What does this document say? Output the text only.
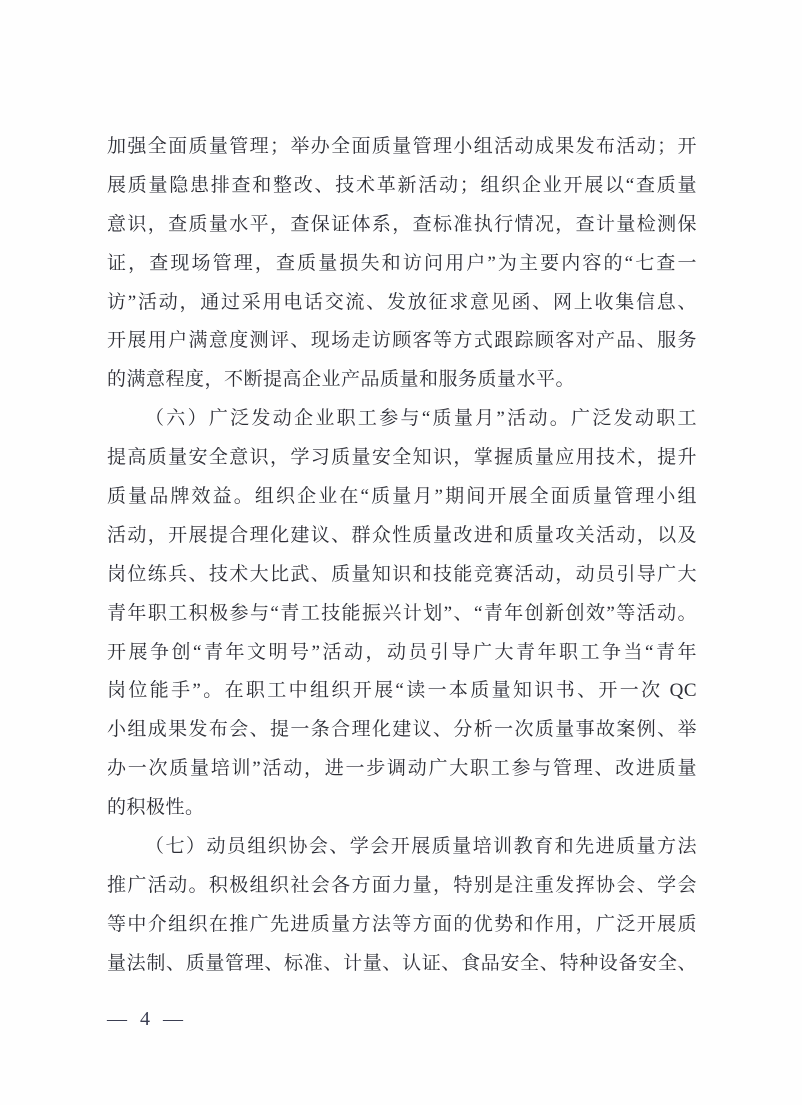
加强全面质量管理；举办全面质量管理小组活动成果发布活动；开
展质量隐患排查和整改、技术革新活动；组织企业开展以“查质量
意识，查质量水平，查保证体系，查标准执行情况，查计量检测保
证，查现场管理，查质量损失和访问用户”为主要内容的“七查一
访”活动，通过采用电话交流、发放征求意见函、网上收集信息、
开展用户满意度测评、现场走访顾客等方式跟踪顾客对产品、服务
的满意程度，不断提高企业产品质量和服务质量水平。
（六）广泛发动企业职工参与“质量月”活动。广泛发动职工
提高质量安全意识，学习质量安全知识，掌握质量应用技术，提升
质量品牌效益。组织企业在“质量月”期间开展全面质量管理小组
活动，开展提合理化建议、群众性质量改进和质量攻关活动，以及
岗位练兵、技术大比武、质量知识和技能竞赛活动，动员引导广大
青年职工积极参与“青工技能振兴计划”、“青年创新创效”等活动。
开展争创“青年文明号”活动，动员引导广大青年职工争当“青年
岗位能手”。在职工中组织开展“读一本质量知识书、开一次 QC
小组成果发布会、提一条合理化建议、分析一次质量事故案例、举
办一次质量培训”活动，进一步调动广大职工参与管理、改进质量
的积极性。
（七）动员组织协会、学会开展质量培训教育和先进质量方法
推广活动。积极组织社会各方面力量，特别是注重发挥协会、学会
等中介组织在推广先进质量方法等方面的优势和作用，广泛开展质
量法制、质量管理、标准、计量、认证、食品安全、特种设备安全、
— 4 —
